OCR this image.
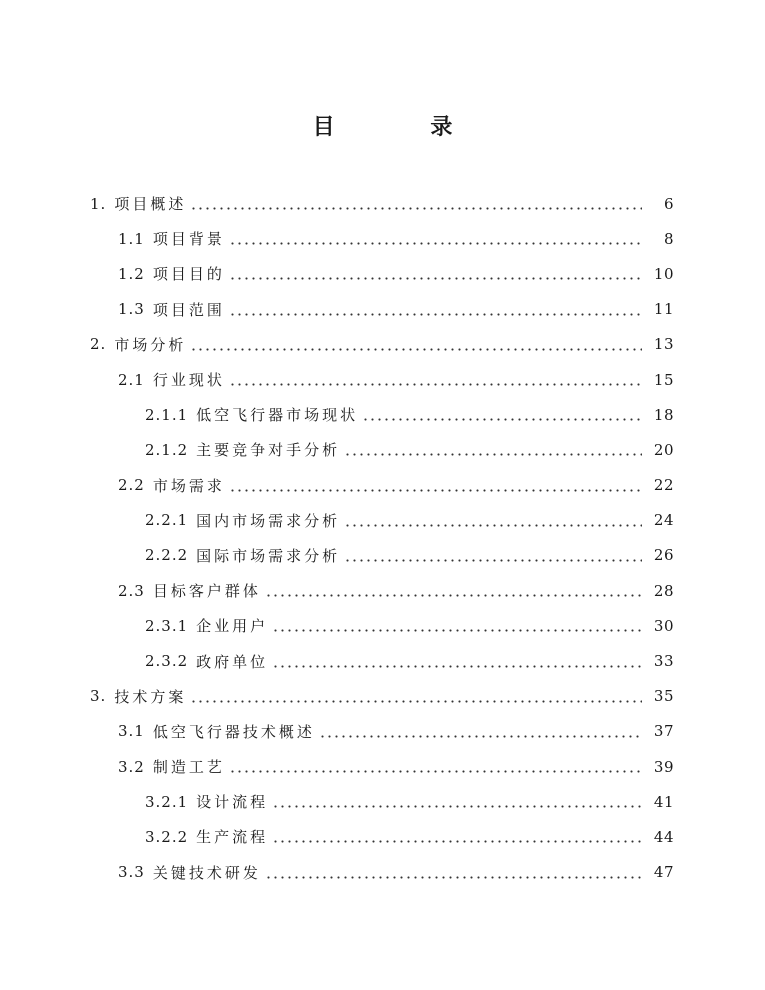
目 录
1. 项目概述	6
1.1 项目背景	8
1.2 项目目的	10
1.3 项目范围	11
2. 市场分析	13
2.1 行业现状	15
2.1.1 低空飞行器市场现状	18
2.1.2 主要竞争对手分析	20
2.2 市场需求	22
2.2.1 国内市场需求分析	24
2.2.2 国际市场需求分析	26
2.3 目标客户群体	28
2.3.1 企业用户	30
2.3.2 政府单位	33
3. 技术方案	35
3.1 低空飞行器技术概述	37
3.2 制造工艺	39
3.2.1 设计流程	41
3.2.2 生产流程	44
3.3 关键技术研发	47
